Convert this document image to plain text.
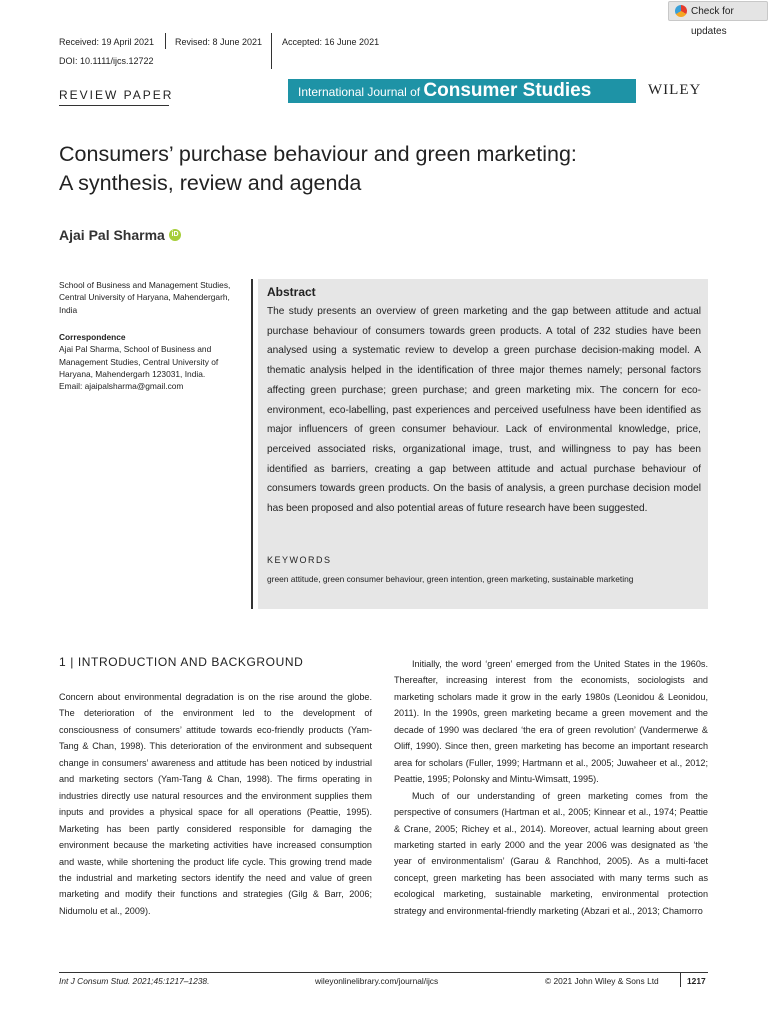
Check for updates
Received: 19 April 2021 Revised: 8 June 2021 Accepted: 16 June 2021
DOI: 10.1111/ijcs.12722
REVIEW PAPER	International Journal of Consumer Studies	WILEY
Consumers’ purchase behaviour and green marketing:
A synthesis, review and agenda
Ajai Pal Sharma iD
School of Business and Management Studies, Central University of Haryana, Mahendergarh, India
Correspondence
Ajai Pal Sharma, School of Business and Management Studies, Central University of Haryana, Mahendergarh 123031, India.
Email: ajaipalsharma@gmail.com
Abstract
The study presents an overview of green marketing and the gap between attitude and actual purchase behaviour of consumers towards green products. A total of 232 studies have been analysed using a systematic review to develop a green purchase decision-making model. A thematic analysis helped in the identification of three major themes namely; personal factors affecting green purchase; green purchase; and green marketing mix. The concern for eco-environment, eco-labelling, past experiences and perceived usefulness have been identified as major influencers of green consumer behaviour. Lack of environmental knowledge, price, perceived associated risks, organizational image, trust, and willingness to pay has been identified as barriers, creating a gap between attitude and actual purchase behaviour of consumers towards green products. On the basis of analysis, a green purchase decision model has been proposed and also potential areas of future research have been suggested.
KEYWORDS
green attitude, green consumer behaviour, green intention, green marketing, sustainable marketing
1 | INTRODUCTION AND BACKGROUND

Concern about environmental degradation is on the rise around the globe. The deterioration of the environment led to the development of consciousness of consumers’ attitude towards eco-friendly products (Yam-Tang & Chan, 1998). This deterioration of the environment and subsequent change in consumers’ awareness and attitude has been noticed by industrial and marketing sectors (Yam-Tang & Chan, 1998). The firms operating in industries directly use natural resources and the environment supplies them inputs and provides a physical space for all operations (Peattie, 1995). Marketing has been partly considered responsible for damaging the environment because the marketing activities have increased consumption and waste, while shortening the product life cycle. This growing trend made the industrial and marketing sectors identify the need and value of green marketing and modify their functions and strategies (Gilg & Barr, 2006; Nidumolu et al., 2009).

Initially, the word ‘green’ emerged from the United States in the 1960s. Thereafter, increasing interest from the economists, sociologists and marketing scholars made it grow in the early 1980s (Leonidou & Leonidou, 2011). In the 1990s, green marketing became a green movement and the decade of 1990 was declared ‘the era of green revolution’ (Vandermerwe & Oliff, 1990). Since then, green marketing has become an important research area for scholars (Fuller, 1999; Hartmann et al., 2005; Juwaheer et al., 2012; Peattie, 1995; Polonsky and Mintu-Wimsatt, 1995).

Much of our understanding of green marketing comes from the perspective of consumers (Hartman et al., 2005; Kinnear et al., 1974; Peattie & Crane, 2005; Richey et al., 2014). Moreover, actual learning about green marketing started in early 2000 and the year 2006 was designated as ‘the year of environmentalism’ (Garau & Ranchhod, 2005). As a multi-facet concept, green marketing has been associated with many terms such as ecological marketing, sustainable marketing, environmental protection strategy and environmental-friendly marketing (Abzari et al., 2013; Chamorro

Int J Consum Stud. 2021;45:1217–1238.	wileyonlinelibrary.com/journal/ijcs	© 2021 John Wiley & Sons Ltd	1217
